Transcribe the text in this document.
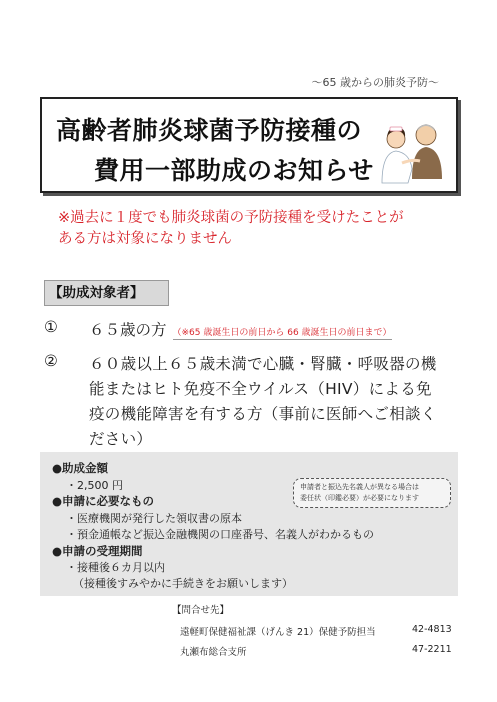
～65 歳からの肺炎予防～
高齢者肺炎球菌予防接種の
費用一部助成のお知らせ
※過去に１度でも肺炎球菌の予防接種を受けたことが
ある方は対象になりません
【助成対象者】
①	６５歳の方 （※65 歳誕生日の前日から 66 歳誕生日の前日まで）
②	６０歳以上６５歳未満で心臓・腎臓・呼吸器の機
能またはヒト免疫不全ウイルス（HIV）による免
疫の機能障害を有する方（事前に医師へご相談く
ださい）
●助成金額
・2,500 円
●申請に必要なもの
・医療機関が発行した領収書の原本
・預金通帳など振込金融機関の口座番号、名義人がわかるもの
●申請の受理期間
・接種後６カ月以内
（接種後すみやかに手続きをお願いします）
申請者と振込先名義人が異なる場合は
委任状（印鑑必要）が必要になります
【問合せ先】
遠軽町保健福祉課（げんき 21）保健予防担当	42-4813
丸瀬布総合支所	47-2211
